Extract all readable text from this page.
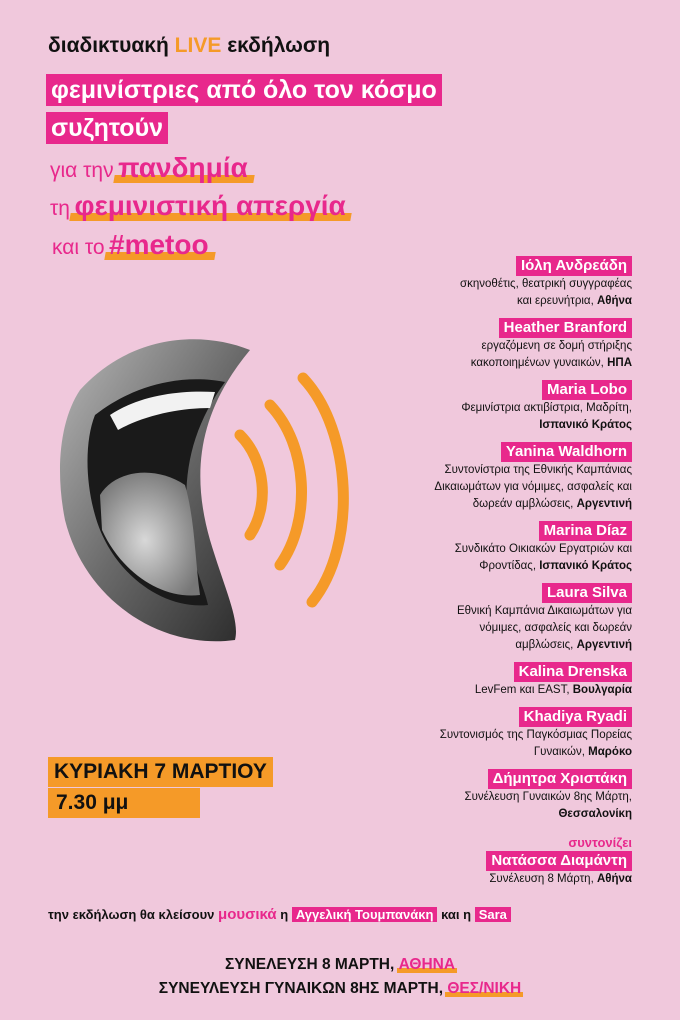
διαδικτυακή LIVE εκδήλωση
φεμινίστριες από όλο τον κόσμο
συζητούν
για την πανδημία
τη φεμινιστική απεργία
και το #metoo
Ιόλη Ανδρεάδη
σκηνοθέτις, θεατρική συγγραφέας
και ερευνήτρια, Αθήνα
Heather Branford
εργαζόμενη σε δομή στήριξης
κακοποιημένων γυναικών, ΗΠΑ
Maria Lobo
Φεμινίστρια ακτιβίστρια, Μαδρίτη,
Ισπανικό Κράτος
Yanina Waldhorn
Συντονίστρια της Εθνικής Καμπάνιας
Δικαιωμάτων για νόμιμες, ασφαλείς και
δωρεάν αμβλώσεις, Αργεντινή
Marina Díaz
Συνδικάτο Οικιακών Εργατριών και
Φροντίδας, Ισπανικό Κράτος
Laura Silva
Εθνική Καμπάνια Δικαιωμάτων για
νόμιμες, ασφαλείς και δωρεάν
αμβλώσεις, Αργεντινή
Kalina Drenska
LevFem και EAST, Βουλγαρία
Khadiya Ryadi
Συντονισμός της Παγκόσμιας Πορείας
Γυναικών, Μαρόκο
Δήμητρα Χριστάκη
Συνέλευση Γυναικών 8ης Μάρτη,
Θεσσαλονίκη
συντονίζει
Νατάσσα Διαμάντη
Συνέλευση 8 Μάρτη, Αθήνα
ΚΥΡΙΑΚΗ 7 ΜΑΡΤΙΟΥ
7.30 μμ
την εκδήλωση θα κλείσουν μουσικά η Αγγελική Τουμπανάκη και η Sara
ΣΥΝΕΛΕΥΣΗ 8 ΜΑΡΤΗ, ΑΘΗΝΑ
ΣΥΝΕΥΛΕΥΣΗ ΓΥΝΑΙΚΩΝ 8ΗΣ ΜΑΡΤΗ, ΘΕΣ/ΝΙΚΗ
